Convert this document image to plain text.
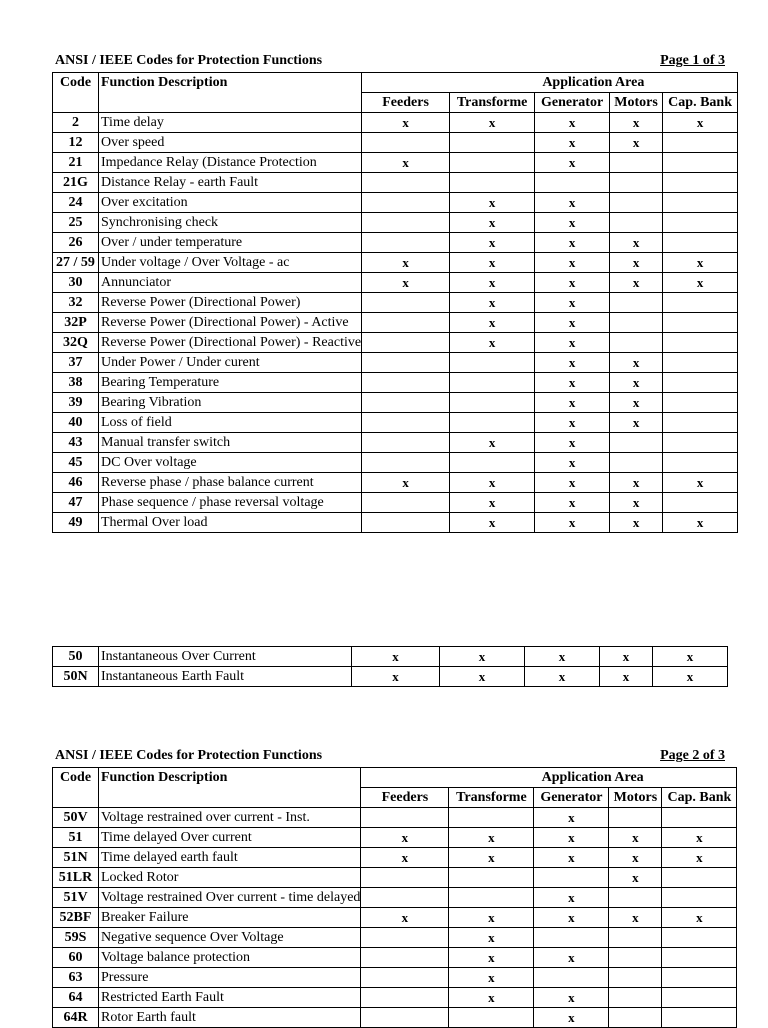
ANSI / IEEE Codes for Protection Functions	Page 1 of 3
Code	Function Description		Application Area			
		Feeders	Transforme	Generator	Motors	Cap. Bank
2	Time delay	x	x	x	x	x
12	Over speed			x	x	
21	Impedance Relay (Distance Protection	x		x		
21G	Distance Relay - earth Fault					
24	Over excitation		x	x		
25	Synchronising check		x	x		
26	Over / under temperature		x	x	x	
27 / 59	Under voltage / Over Voltage - ac	x	x	x	x	x
30	Annunciator	x	x	x	x	x
32	Reverse Power (Directional Power)		x	x		
32P	Reverse Power (Directional Power) - Active		x	x		
32Q	Reverse Power (Directional Power) - Reactive		x	x		
37	Under Power / Under curent			x	x	
38	Bearing Temperature			x	x	
39	Bearing Vibration			x	x	
40	Loss of field			x	x	
43	Manual transfer switch		x	x		
45	DC Over voltage			x		
46	Reverse phase / phase balance current	x	x	x	x	x
47	Phase sequence / phase reversal voltage		x	x	x	
49	Thermal Over load		x	x	x	x
50	Instantaneous Over Current	x	x	x	x	x
50N	Instantaneous Earth Fault	x	x	x	x	x
ANSI / IEEE Codes for Protection Functions	Page 2 of 3
Code	Function Description		Application Area			
		Feeders	Transforme	Generator	Motors	Cap. Bank
50V	Voltage restrained over current - Inst.			x		
51	Time delayed Over current	x	x	x	x	x
51N	Time delayed earth fault	x	x	x	x	x
51LR	Locked Rotor				x	
51V	Voltage restrained Over current - time delayed			x		
52BF	Breaker Failure	x	x	x	x	x
59S	Negative sequence Over Voltage		x			
60	Voltage balance protection		x	x		
63	Pressure		x			
64	Restricted Earth Fault		x	x		
64R	Rotor Earth fault			x		
